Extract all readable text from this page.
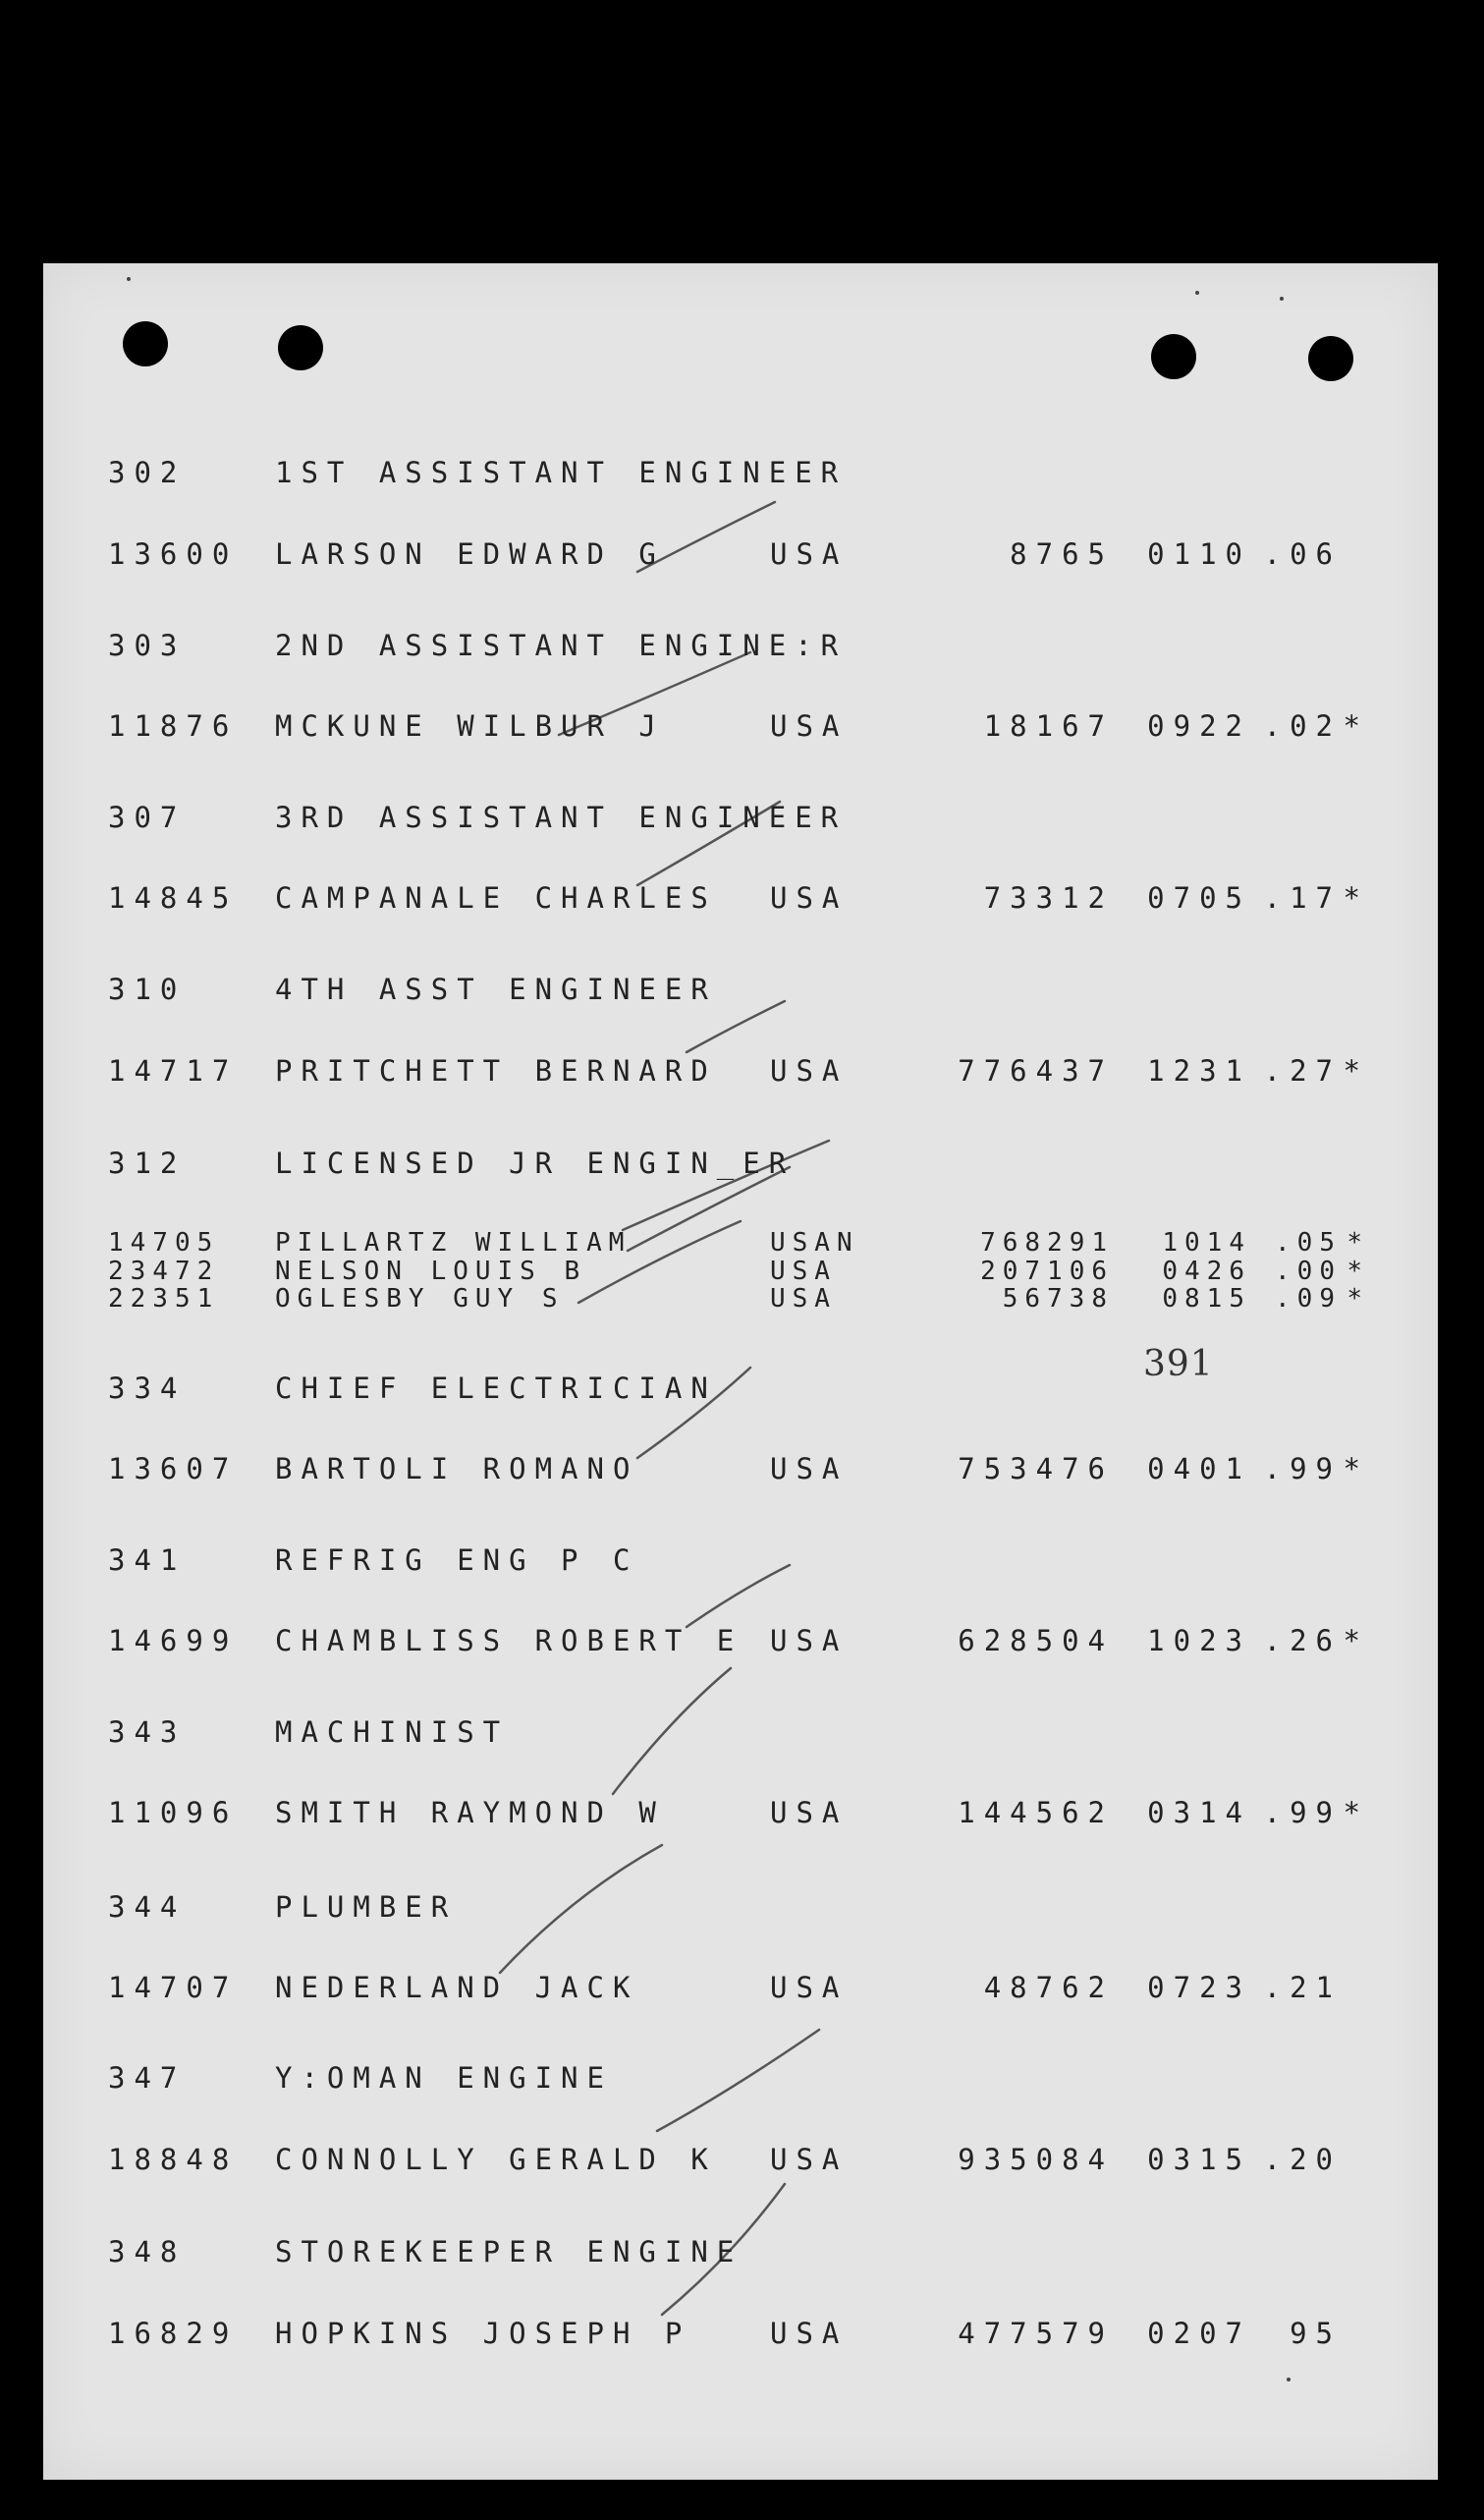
302	1ST ASSISTANT ENGINEER
13600 LARSON EDWARD G	USA	8765	0110 .06
303	2ND ASSISTANT ENGINE:R
11876 MCKUNE WILBUR J	USA	18167	0922 .02 *
307	3RD ASSISTANT ENGINEER
14845 CAMPANALE CHARLES USA	73312	0705 .17 *
310	4TH ASST ENGINEER
14717 PRITCHETT BERNARD USA	776437	1231 .27 *
312	LICENSED JR ENGIN_ER
14705 PILLARTZ WILLIAM	USAN	768291	1014 .05 *
23472 NELSON LOUIS B	USA	207106	0426 .00 *
22351 OGLESBY GUY S	USA	56738	0815 .09 *
334	CHIEF ELECTRICIAN
13607 BARTOLI ROMANO	USA	753476	0401 .99 *
341	REFRIG ENG P C
14699 CHAMBLISS ROBERT E USA	628504	1023 .26 *
343	MACHINIST
11096 SMITH RAYMOND W	USA	144562	0314 .99 *
344	PLUMBER
14707 NEDERLAND JACK	USA	48762	0723 .21
347	Y:OMAN ENGINE
18848 CONNOLLY GERALD K USA	935084	0315 .20
348	STOREKEEPER ENGINE
16829 HOPKINS JOSEPH P	USA	477579	0207	95
391
